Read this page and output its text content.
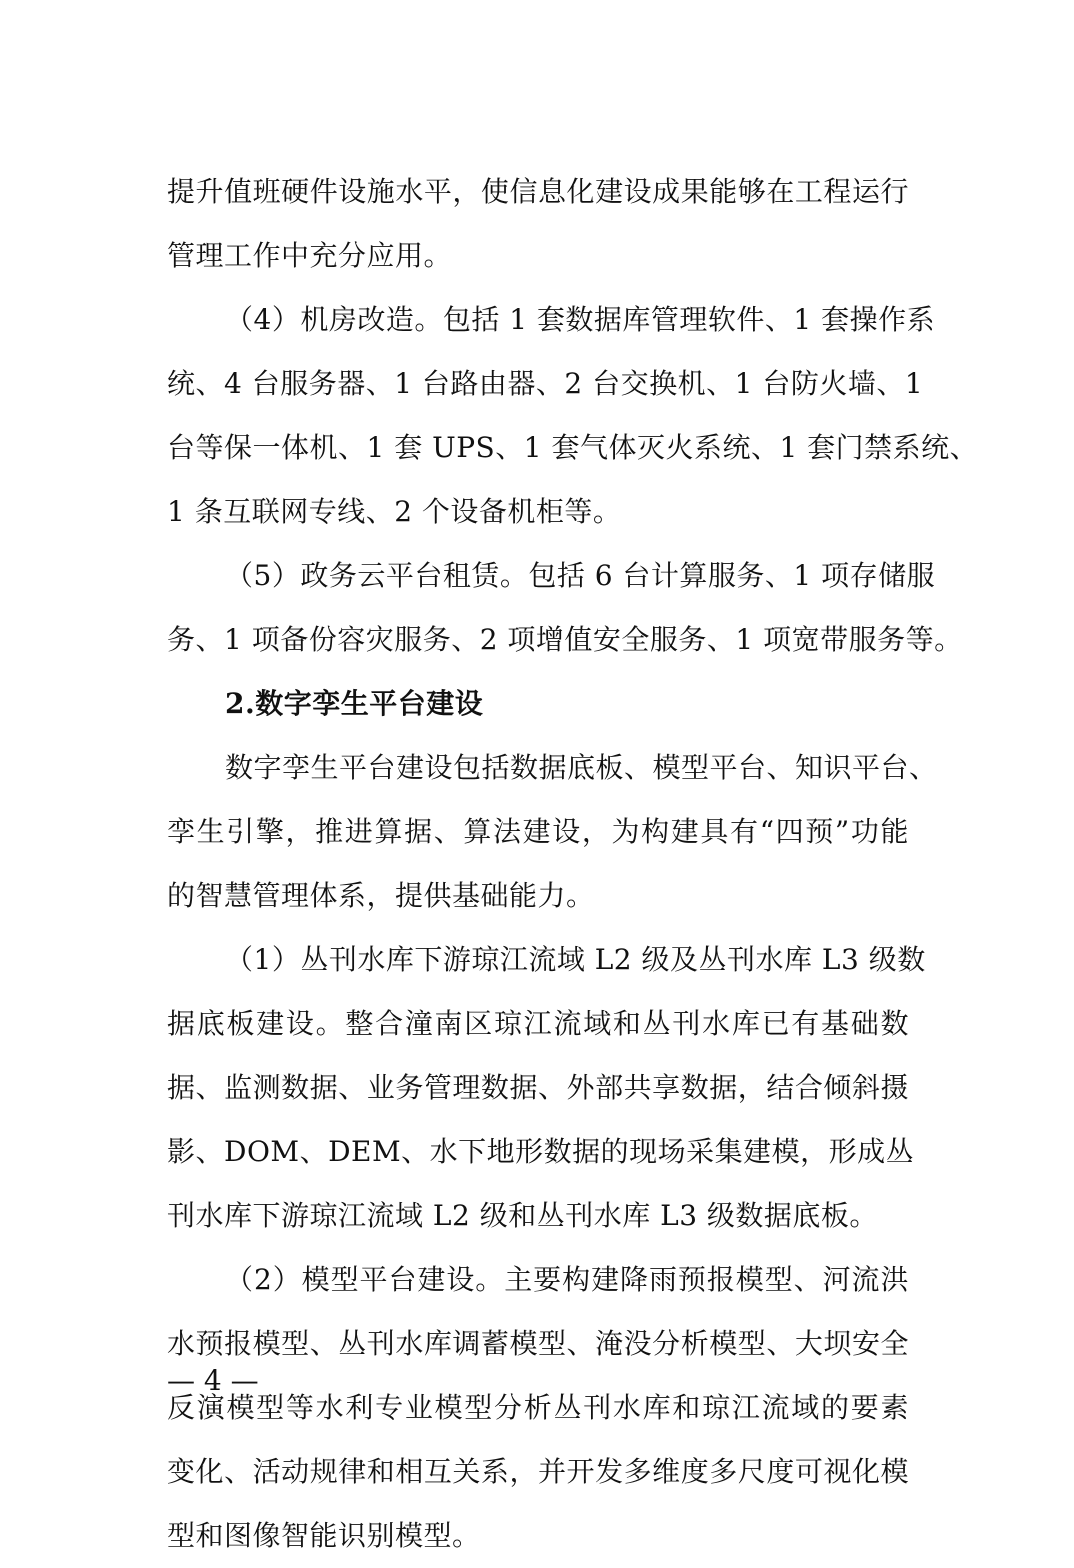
提升值班硬件设施水平，使信息化建设成果能够在工程运行
管理工作中充分应用。
（4）机房改造。包括 1 套数据库管理软件、1 套操作系
统、4 台服务器、1 台路由器、2 台交换机、1 台防火墙、1
台等保一体机、1 套 UPS、1 套气体灭火系统、1 套门禁系统、
1 条互联网专线、2 个设备机柜等。
（5）政务云平台租赁。包括 6 台计算服务、1 项存储服
务、1 项备份容灾服务、2 项增值安全服务、1 项宽带服务等。
2.数字孪生平台建设
数字孪生平台建设包括数据底板、模型平台、知识平台、
孪生引擎，推进算据、算法建设，为构建具有“四预”功能
的智慧管理体系，提供基础能力。
（1）丛刊水库下游琼江流域 L2 级及丛刊水库 L3 级数
据底板建设。整合潼南区琼江流域和丛刊水库已有基础数
据、监测数据、业务管理数据、外部共享数据，结合倾斜摄
影、DOM、DEM、水下地形数据的现场采集建模，形成丛
刊水库下游琼江流域 L2 级和丛刊水库 L3 级数据底板。
（2）模型平台建设。主要构建降雨预报模型、河流洪
水预报模型、丛刊水库调蓄模型、淹没分析模型、大坝安全
反演模型等水利专业模型分析丛刊水库和琼江流域的要素
变化、活动规律和相互关系，并开发多维度多尺度可视化模
型和图像智能识别模型。
— 4 —
